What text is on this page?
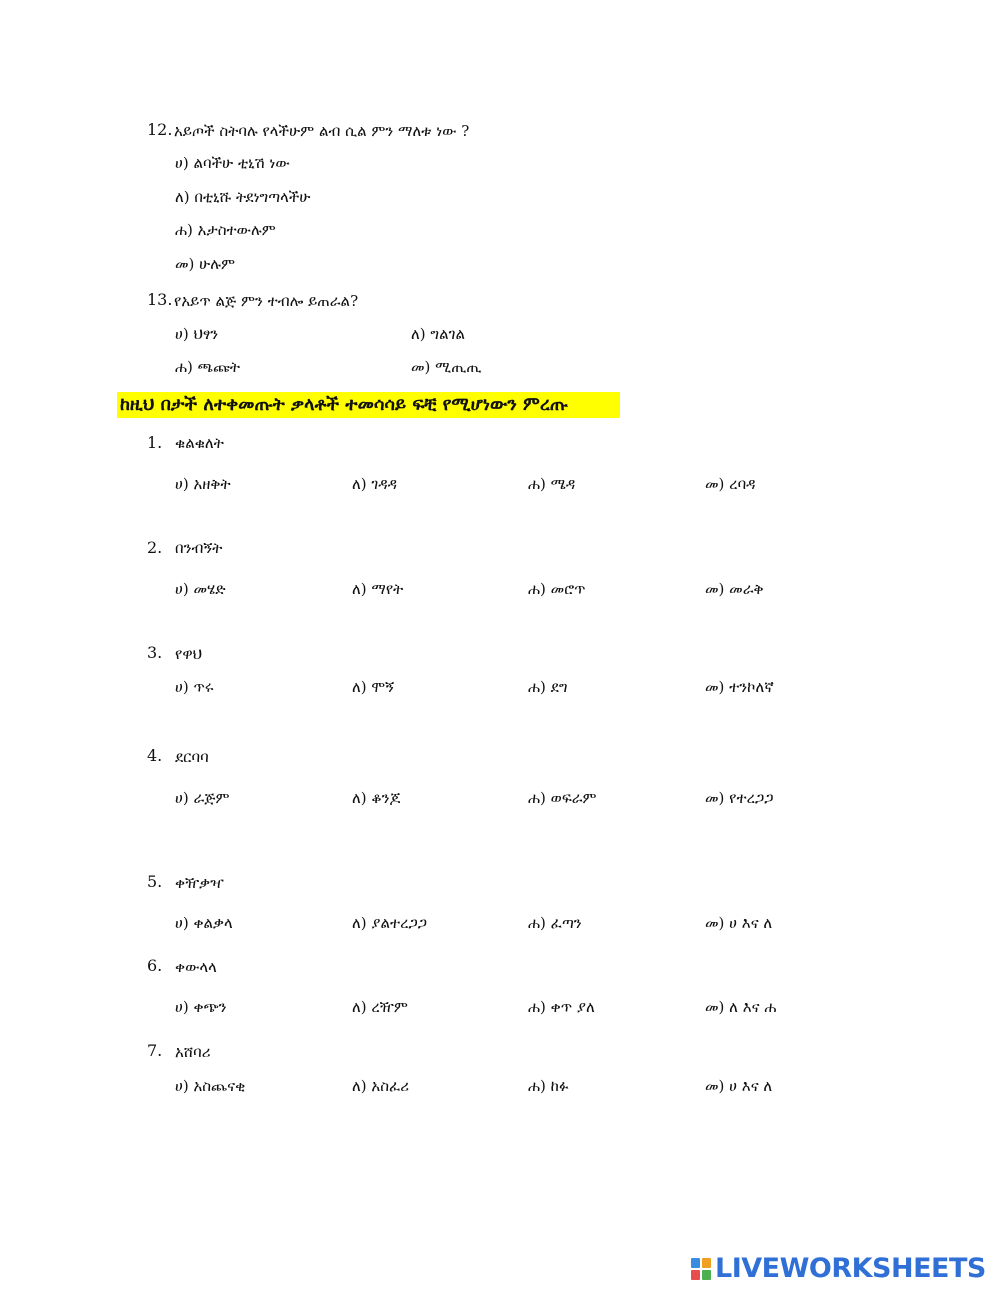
12. አይጦች ስትባሉ የላችሁም ልብ ሲል ምን ማለቱ ነው ?
ሀ) ልባችሁ ቲኒሽ ነው
ለ) በቲኒሹ ትደነግጣላችሁ
ሐ) አታስተውሉም
መ) ሁሉም
13. የአይጥ ልጅ ምን ተብሎ ይጠራል?
ሀ) ህፃን	ለ) ግልገል
ሐ) ጫጩት	መ) ሚጢጢ
ከዚህ በታች ለተቀመጡት ቃላቶች ተመሳሳይ ፍቺ የሚሆነውን ምረጡ
1. ቁልቁለት
ሀ) አዘቅት	ለ) ገዳዳ	ሐ) ሜዳ	መ) ረባዳ
2. በንብኝት
ሀ) መሄድ	ለ) ማየት	ሐ) መሮጥ	መ) መራቅ
3. የዋህ
ሀ) ጥሩ	ለ) ሞኝ	ሐ) ደግ	መ) ተንኮለኛ
4. ደርባባ
ሀ) ራጅም	ለ) ቆንጆ	ሐ) ወፍራም	መ) የተረጋጋ
5. ቀዥቃዣ
ሀ) ቀልቃላ	ለ) ያልተረጋጋ	ሐ) ፈጣን	መ) ሀ እና ለ
6. ቀውላላ
ሀ) ቀጭን	ለ) ረዥም	ሐ) ቀጥ ያለ	መ) ለ እና ሐ
7. አሸባሪ
ሀ) አስጨናቂ	ለ) አስፈሪ	ሐ) ከፉ	መ) ሀ እና ለ
LIVEWORKSHEETS
